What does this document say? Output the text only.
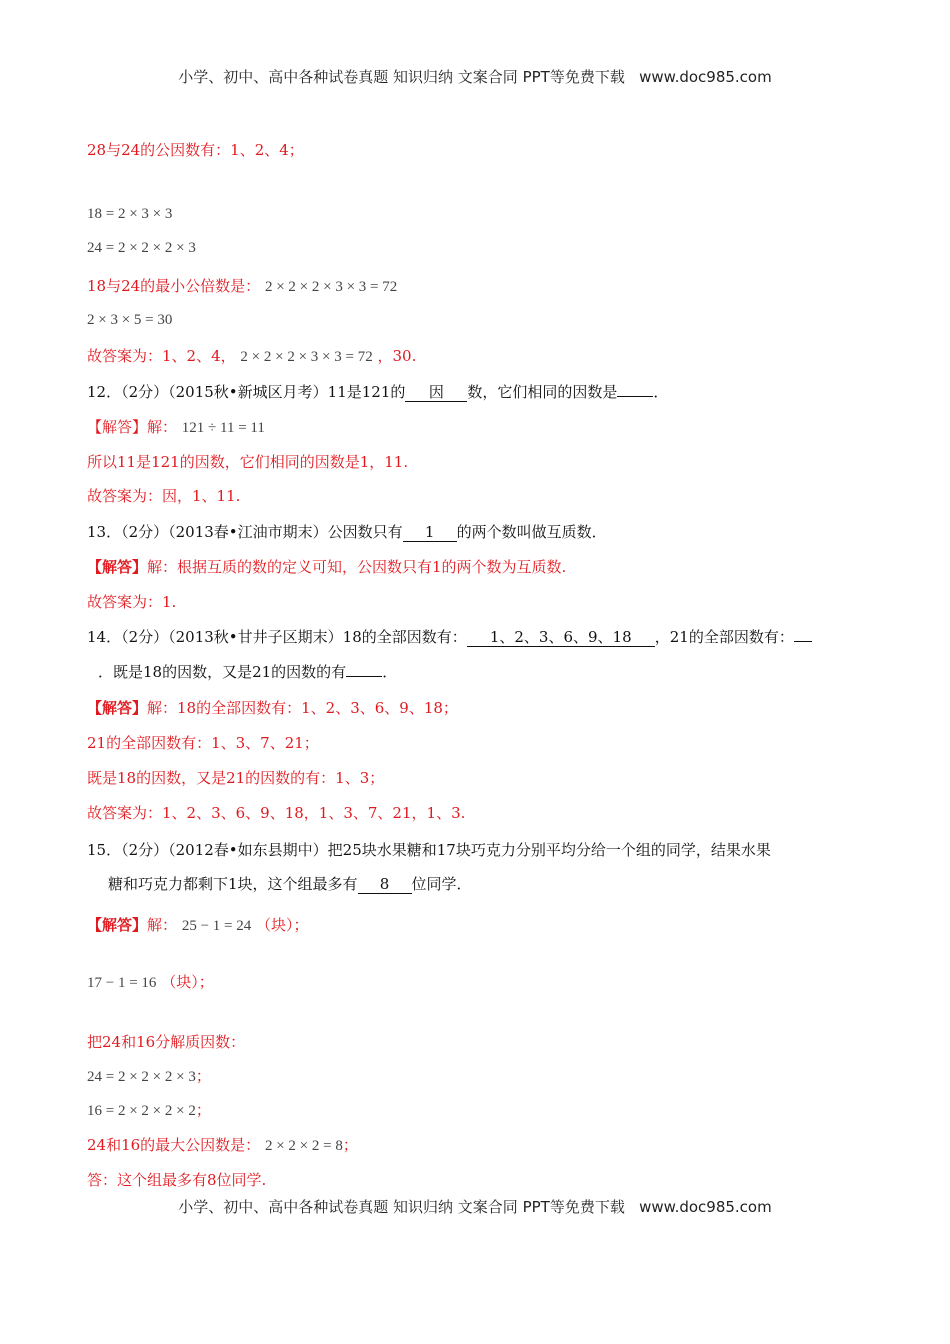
小学、初中、高中各种试卷真题 知识归纳 文案合同 PPT等免费下载 www.doc985.com
28与24的公因数有：1、2、4；
18 = 2 × 3 × 3
24 = 2 × 2 × 2 × 3
18与24的最小公倍数是： 2 × 2 × 2 × 3 × 3 = 72
2 × 3 × 5 = 30
故答案为：1、2、4， 2 × 2 × 2 × 3 × 3 = 72 ，30.
12．（2分）（2015秋•新城区月考）11是121的 因 数，它们相同的因数是 ．
【解答】解： 121 ÷ 11 = 11
所以11是121的因数，它们相同的因数是1，11.
故答案为：因，1、11.
13．（2分）（2013春•江油市期末）公因数只有 1 的两个数叫做互质数．
【解答】解：根据互质的数的定义可知，公因数只有1的两个数为互质数.
故答案为：1.
14．（2分）（2013秋•甘井子区期末）18的全部因数有： 1、2、3、6、9、18 ，21的全部因数有：
．既是18的因数，又是21的因数的有 ．
【解答】解：18的全部因数有：1、2、3、6、9、18；
21的全部因数有：1、3、7、21；
既是18的因数，又是21的因数的有：1、3；
故答案为：1、2、3、6、9、18，1、3、7、21，1、3.
15．（2分）（2012春•如东县期中）把25块水果糖和17块巧克力分别平均分给一个组的同学，结果水果
糖和巧克力都剩下1块，这个组最多有 8 位同学．
【解答】解： 25 − 1 = 24 （块）；
17 − 1 = 16 （块）；
把24和16分解质因数：
24 = 2 × 2 × 2 × 3；
16 = 2 × 2 × 2 × 2；
24和16的最大公因数是： 2 × 2 × 2 = 8；
答：这个组最多有8位同学.
小学、初中、高中各种试卷真题 知识归纳 文案合同 PPT等免费下载 www.doc985.com
